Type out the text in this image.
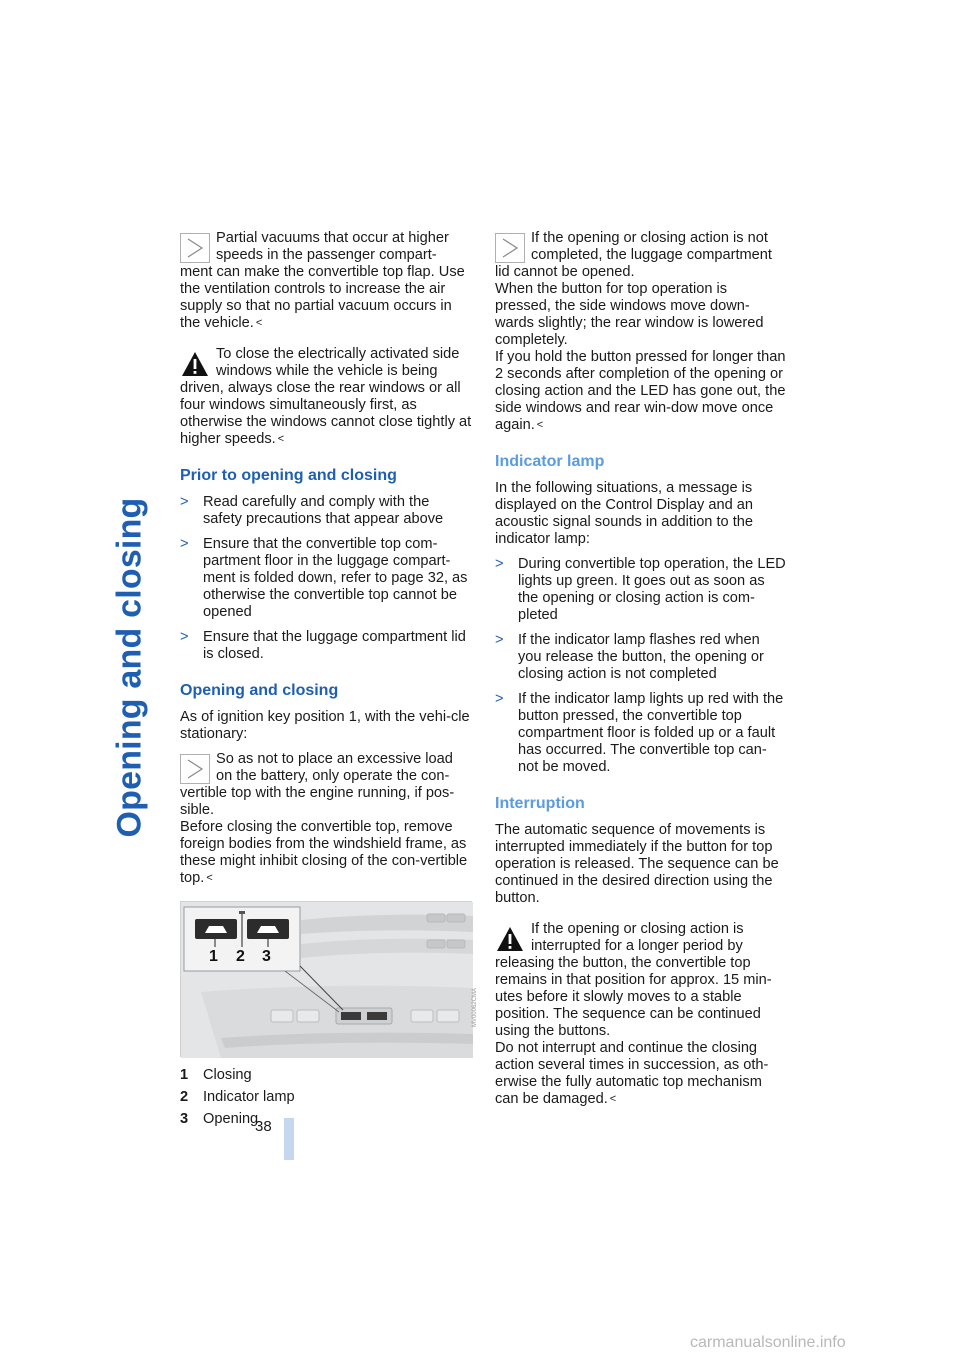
Opening and closing
38

Partial vacuums that occur at higher speeds in the passenger compart-

ment can make the convertible top flap. Use the ventilation controls to increase the air supply so that no partial vacuum occurs in the vehicle. <

To close the electrically activated side windows while the vehicle is being

driven, always close the rear windows or all four windows simultaneously first, as otherwise the windows cannot close tightly at higher speeds. <

Prior to opening and closing
> Read carefully and comply with the safety precautions that appear above
> Ensure that the convertible top com-partment floor in the luggage compart-ment is folded down, refer to page 32, as otherwise the convertible top cannot be opened
> Ensure that the luggage compartment lid is closed.
Opening and closing

As of ignition key position 1, with the vehi-cle stationary:

So as not to place an excessive load on the battery, only operate the con-

vertible top with the engine running, if pos-sible.

Before closing the convertible top, remove foreign bodies from the windshield frame, as these might inhibit closing of the con-vertible top. <

1 2 3
MV00062CMA
1 Closing
2 Indicator lamp
3 Opening

If the opening or closing action is not completed, the luggage compartment

lid cannot be opened.

When the button for top operation is pressed, the side windows move down-wards slightly; the rear window is lowered completely.

If you hold the button pressed for longer than 2 seconds after completion of the opening or closing action and the LED has gone out, the side windows and rear win-dow move once again. <

Indicator lamp

In the following situations, a message is displayed on the Control Display and an acoustic signal sounds in addition to the indicator lamp:

> During convertible top operation, the LED lights up green. It goes out as soon as the opening or closing action is com-pleted
> If the indicator lamp flashes red when you release the button, the opening or closing action is not completed
> If the indicator lamp lights up red with the button pressed, the convertible top compartment floor is folded up or a fault has occurred. The convertible top can-not be moved.
Interruption

The automatic sequence of movements is interrupted immediately if the button for top operation is released. The sequence can be continued in the desired direction using the button.

If the opening or closing action is interrupted for a longer period by

releasing the button, the convertible top remains in that position for approx. 15 min-utes before it slowly moves to a stable position. The sequence can be continued using the buttons.

Do not interrupt and continue the closing action several times in succession, as oth-erwise the fully automatic top mechanism can be damaged. <

carmanualsonline.info
